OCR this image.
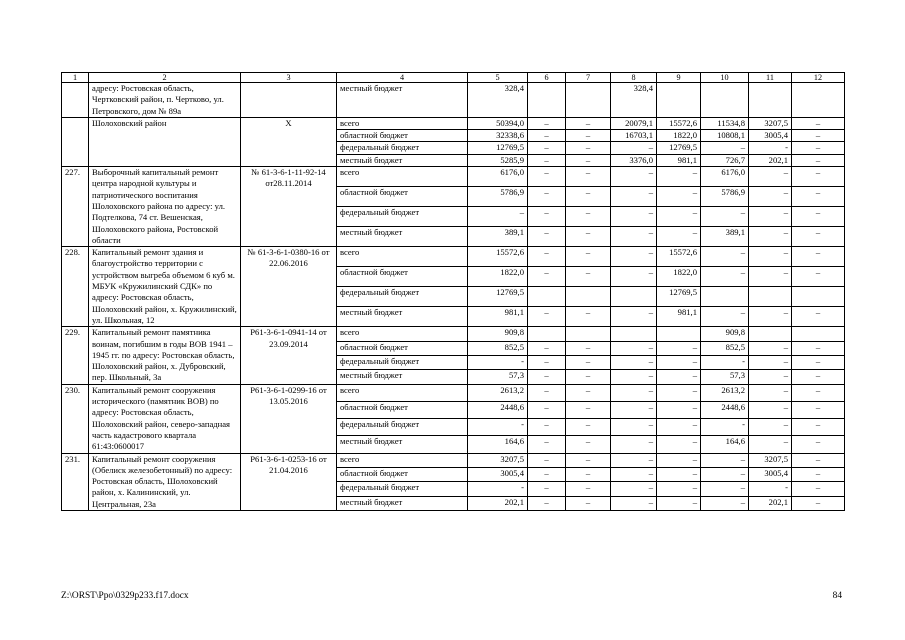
1	2	3	4	5	6	7	8	9	10	11	12
	адресу: Ростовская область, Чертковский район, п. Чертково, ул. Петровского, дом № 89а		местный бюджет	328,4			328,4				
	Шолоховский район	X	всего	50394,0	–	–	20079,1	15572,6	11534,8	3207,5	–
			областной бюджет	32338,6	–	–	16703,1	1822,0	10808,1	3005,4	–
			федеральный бюджет	12769,5	–	–	–	12769,5	–	-	–
			местный бюджет	5285,9	–	–	3376,0	981,1	726,7	202,1	–
227.	Выборочный капитальный ремонт центра народной культуры и патриотического воспитания Шолоховского района по адресу: ул. Подтелкова, 74 ст. Вешенская, Шолоховского района, Ростовской области	№ 61-3-6-1-11-92-14 от28.11.2014	всего	6176,0	–	–	–	–	6176,0	–	–
			областной бюджет	5786,9	–	–	–	–	5786,9	–	–
			федеральный бюджет	–	–	–	–	–	–	–	–
			местный бюджет	389,1	–	–	–	–	389,1	–	–
228.	Капитальный ремонт здания и благоустройство территории с устройством выгреба объемом 6 куб м. МБУК «Кружилинский СДК» по адресу: Ростовская область, Шолоховский район, х. Кружилинский, ул. Школьная, 12	№ 61-3-6-1-0380-16 от 22.06.2016	всего	15572,6	–	–	–	15572,6	–	–	–
			областной бюджет	1822,0	–	–	–	1822,0	–	–	–
			федеральный бюджет	12769,5				12769,5			
			местный бюджет	981,1	–	–	–	981,1	–	–	–
229.	Капитальный ремонт памятника воинам, погибшим в годы ВОВ 1941 – 1945 гг. по адресу: Ростовская область, Шолоховский район, х. Дубровский, пер. Школьный, 3а	Р61-3-6-1-0941-14 от 23.09.2014	всего	909,8					909,8		
			областной бюджет	852,5	–	–	–	–	852,5	–	–
			федеральный бюджет	-	–	–	–	–	-	–	–
			местный бюджет	57,3	–	–	–	–	57,3	–	–
230.	Капитальный ремонт сооружения исторического (памятник ВОВ) по адресу: Ростовская область, Шолоховский район, северо-западная часть кадастрового квартала 61:43:0600017	Р61-3-6-1-0299-16 от 13.05.2016	всего	2613,2	–	–	–	–	2613,2	–	–
			областной бюджет	2448,6	–	–	–	–	2448,6	–	–
			федеральный бюджет	-	–	–	–	–	-	–	–
			местный бюджет	164,6	–	–	–	–	164,6	–	–
231.	Капитальный ремонт сооружения (Обелиск железобетонный) по адресу: Ростовская область, Шолоховский район, х. Калининский, ул. Центральная, 23а	Р61-3-6-1-0253-16 от 21.04.2016	всего	3207,5	–	–	–	–	–	3207,5	–
			областной бюджет	3005,4	–	–	–	–	–	3005,4	–
			федеральный бюджет	-	–	–	–	–	–	-	–
			местный бюджет	202,1	–	–	–	–	–	202,1	–
Z:\ORST\Ppo\0329p233.f17.docx	84
